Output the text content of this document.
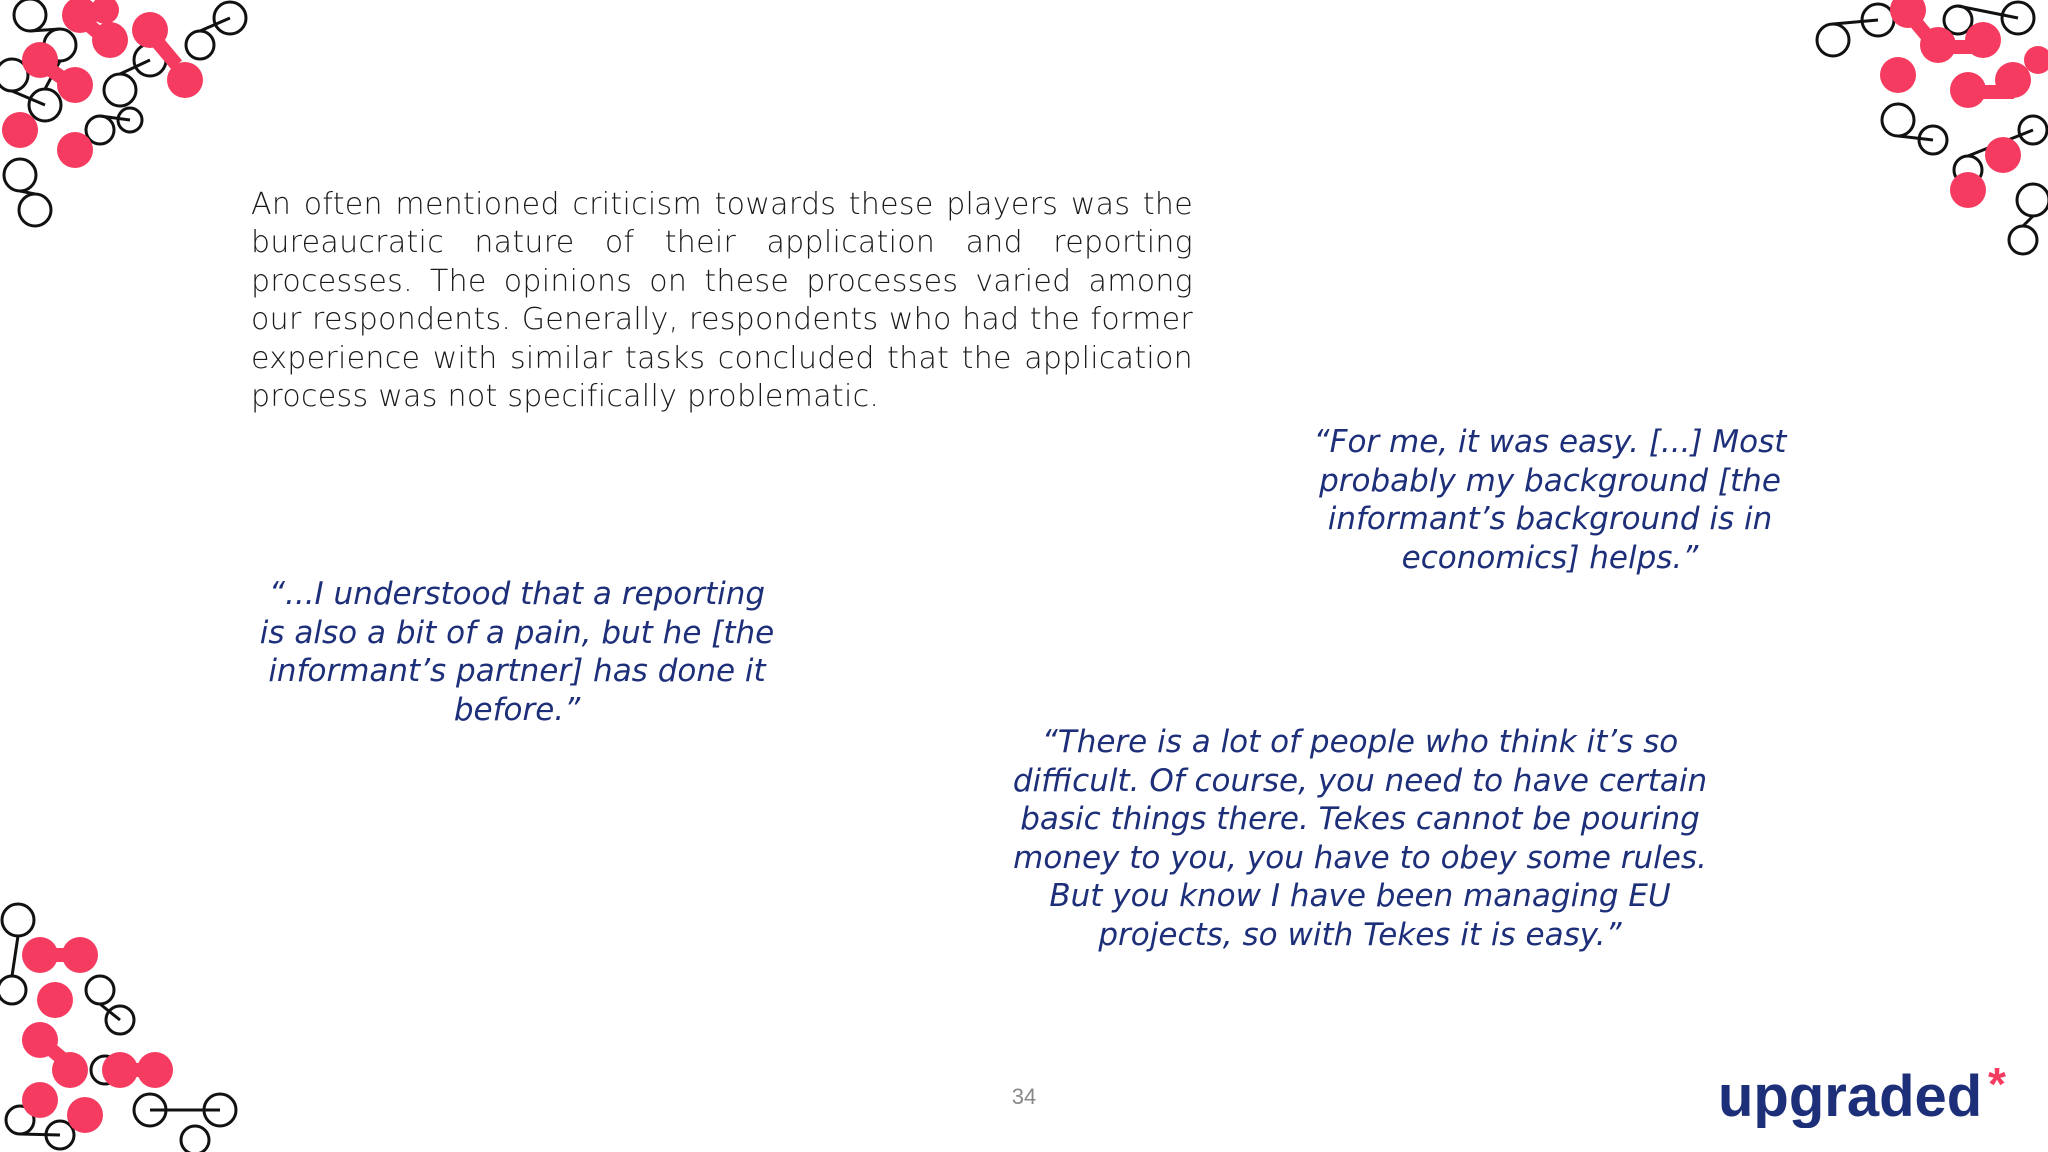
An often mentioned criticism towards these players was the bureaucratic nature of their application and reporting processes. The opinions on these processes varied among our respondents. Generally, respondents who had the former experience with similar tasks concluded that the application process was not specifically problematic.

“For me, it was easy. [...] Most probably my background [the informant’s background is in economics] helps.”
“...I understood that a reporting is also a bit of a pain, but he [the informant’s partner] has done it before.”
“There is a lot of people who think it’s so difficult. Of course, you need to have certain basic things there. Tekes cannot be pouring money to you, you have to obey some rules. But you know I have been managing EU projects, so with Tekes it is easy.”
34	upgraded *
